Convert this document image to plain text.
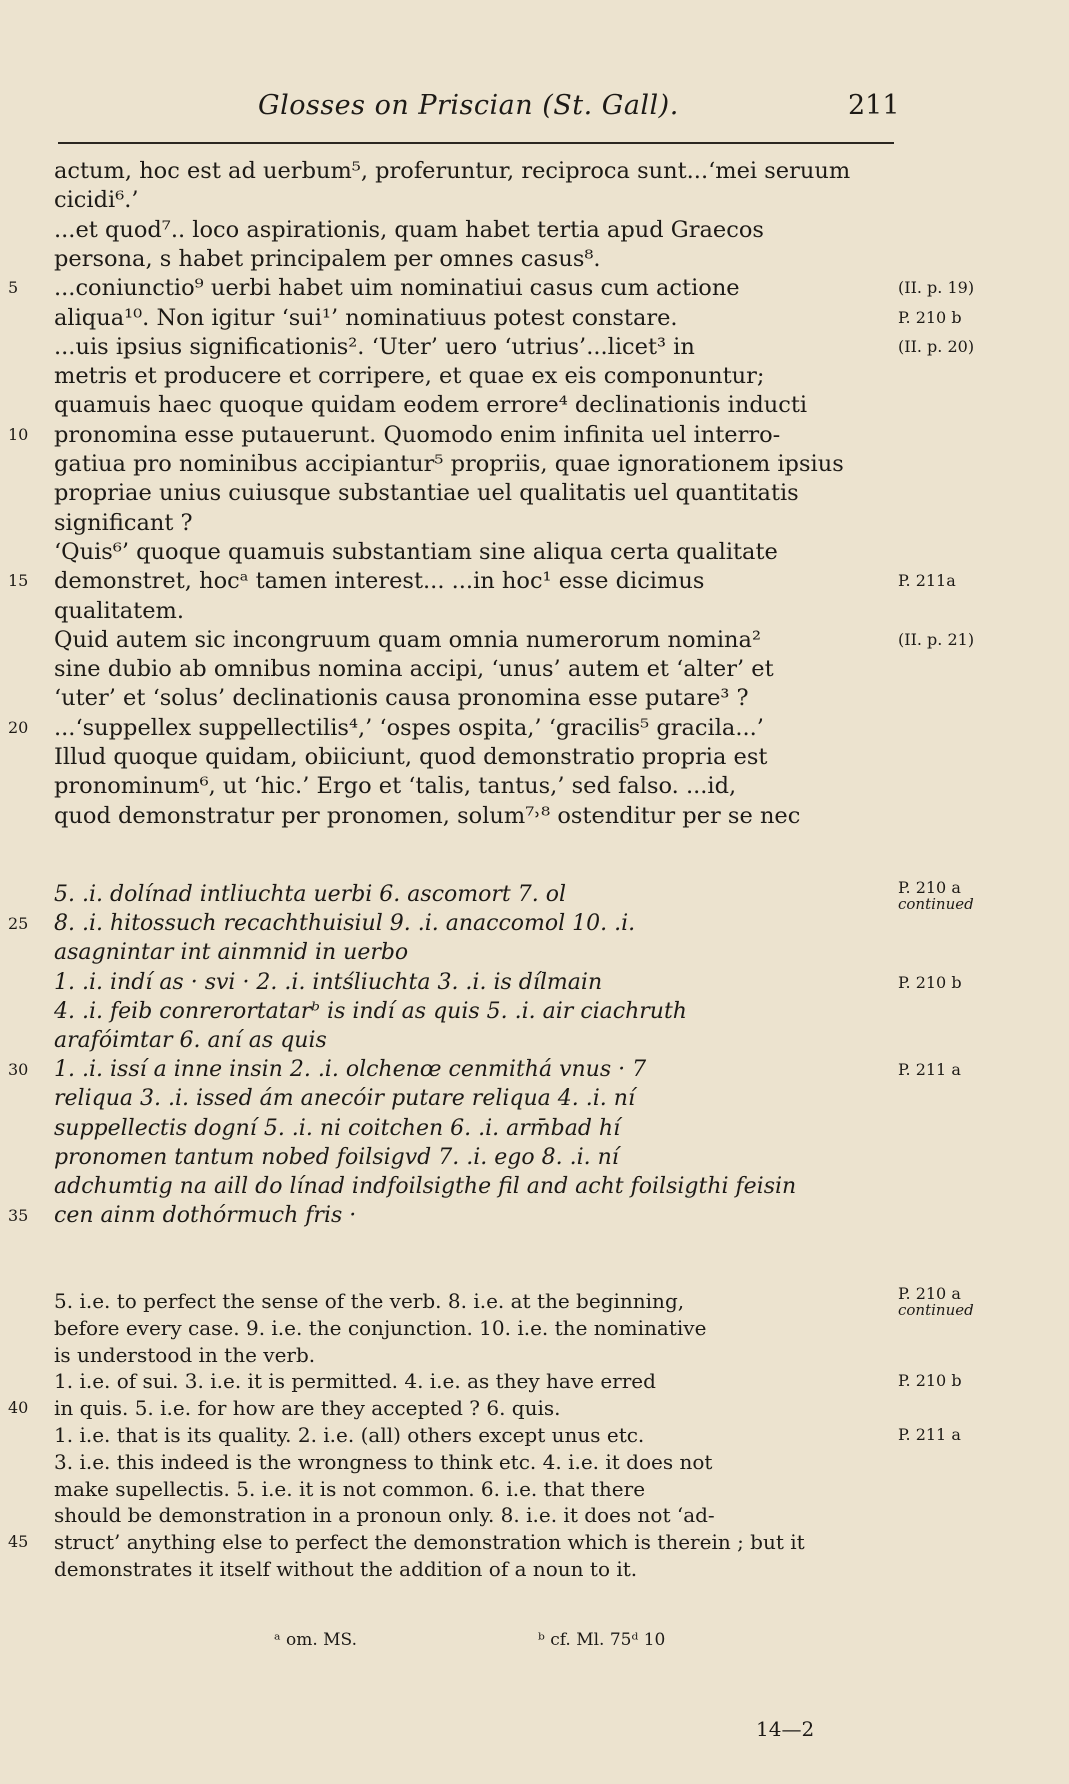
Glosses on Priscian (St. Gall).	211
actum, hoc est ad uerbum⁵, proferuntur, reciproca sunt...‘mei seruum
cicidi⁶.’
...et quod⁷.. loco aspirationis, quam habet tertia apud Graecos
persona, s habet principalem per omnes casus⁸.
...coniunctio⁹ uerbi habet uim nominatiui casus cum actione
5	(II. p. 19)
aliqua¹⁰. Non igitur ‘sui¹’ nominatiuus potest constare.	P. 210 b
...uis ipsius significationis². ‘Uter’ uero ‘utrius’...licet³ in	(II. p. 20)
metris et producere et corripere, et quae ex eis componuntur;
quamuis haec quoque quidam eodem errore⁴ declinationis inducti
pronomina esse putauerunt. Quomodo enim infinita uel interro-
10
gatiua pro nominibus accipiantur⁵ propriis, quae ignorationem ipsius
propriae unius cuiusque substantiae uel qualitatis uel quantitatis
significant ?
‘Quis⁶’ quoque quamuis substantiam sine aliqua certa qualitate
demonstret, hocᵃ tamen interest... ...in hoc¹ esse dicimus
15	P. 211a
qualitatem.
Quid autem sic incongruum quam omnia numerorum nomina²	(II. p. 21)
sine dubio ab omnibus nomina accipi, ‘unus’ autem et ‘alter’ et
‘uter’ et ‘solus’ declinationis causa pronomina esse putare³ ?
...‘suppellex suppellectilis⁴,’ ‘ospes ospita,’ ‘gracilis⁵ gracila...’
20
Illud quoque quidam, obiiciunt, quod demonstratio propria est
pronominum⁶, ut ‘hic.’ Ergo et ‘talis, tantus,’ sed falso. ...id,
quod demonstratur per pronomen, solum⁷˒⁸ ostenditur per se nec
5. .i. dolínad intliuchta uerbi 6. ascomort 7. ol	P. 210 a
continued
8. .i. hitossuch recachthuisiul 9. .i. anaccomol 10. .i.
25
asagnintar int ainmnid in uerbo
1. .i. indí as · svi · 2. .i. intśliuchta 3. .i. is dílmain	P. 210 b
4. .i. feib conrerortatarᵇ is indí as quis 5. .i. air ciachruth
arafóimtar 6. aní as quis
1. .i. issí a inne insin 2. .i. olchenœ cenmithá vnus · 7
30	P. 211 a
reliqua 3. .i. issed ám anecóir putare reliqua 4. .i. ní
suppellectis dogní 5. .i. ni coitchen 6. .i. arm̄bad hí
pronomen tantum nobed foilsigvd 7. .i. ego 8. .i. ní
adchumtig na aill do línad indfoilsigthe fil and acht foilsigthi feisin
cen ainm dothórmuch fris ·
35
5. i.e. to perfect the sense of the verb. 8. i.e. at the beginning,	P. 210 a
continued
before every case. 9. i.e. the conjunction. 10. i.e. the nominative
is understood in the verb.
1. i.e. of sui. 3. i.e. it is permitted. 4. i.e. as they have erred	P. 210 b
in quis. 5. i.e. for how are they accepted ? 6. quis.
40
1. i.e. that is its quality. 2. i.e. (all) others except unus etc.	P. 211 a
3. i.e. this indeed is the wrongness to think etc. 4. i.e. it does not
make supellectis. 5. i.e. it is not common. 6. i.e. that there
should be demonstration in a pronoun only. 8. i.e. it does not ‘ad-
struct’ anything else to perfect the demonstration which is therein ; but it
45
demonstrates it itself without the addition of a noun to it.
ᵃ om. MS.	ᵇ cf. Ml. 75ᵈ 10
14—2
